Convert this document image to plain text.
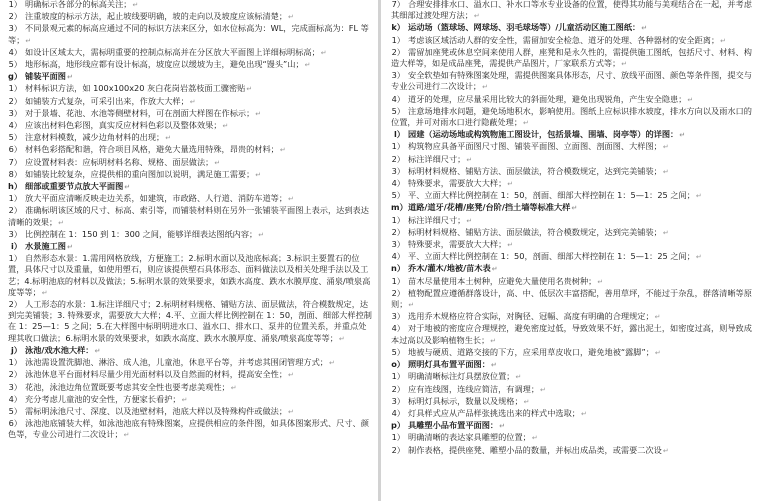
1） 明确标示各部分的标高关注；↵
2） 注重坡度的标示方法，起止坡线要明确，坡的走向以及坡度应该标清楚；↵
3） 不同景观元素的标高应通过不同的标识方法来区分，如水位标高为：WL，完成面标高为：FL 等等；↵
4） 如设计区域太大，需标明重要的控制点标高并在分区放大平面图上详细标明标高；↵
5） 地形标高，地形线应都有设计标高，坡度应以缓坡为主，避免出现“馒头”山；↵
g） 铺装平面图↵
1） 材料标识方法，如 100x100x20 灰白花岗岩荔枝面工骤密贴↵
2） 如铺装方式复杂，可采引出来，作放大大样；↵
3） 对于景墙、花池、水池等侧壁材料，可在剖面大样图在作标示；↵
4） 应该出材料色彩图，真实反应材料色彩以及整体效果；↵
5） 注意材料模数，减少边角材料的出现；↵
6） 材料色彩搭配和谐，符合项目风格，避免大量选用特殊，昂贵的材料；↵
7） 应设置材料表：应标明材料名称、规格、面层做法；↵
8） 如铺装比较复杂，应提供相的重向图加以说明，满足施工需要；↵
h） 细部或重要节点放大平面图↵
1） 放大平面应清晰反映走边关系，如建筑，市政路、人行道、消防车道等；↵
2） 准确标明该区域的尺寸、标高、索引等，而铺装材料则在另外一张铺装平面图上表示，达到表达清晰的效果；↵
3） 比例控制在 1：150 到 1：300 之间，能够详细表达图纸内容；↵
i） 水景施工图↵
1） 自然形态水景：1.需用网格放线，方便施工；2.标明水面以及池底标高；3.标识主要置石的位置，具体尺寸以及重量，如使用塑石，则应该提供塑石具体形态、面料做法以及相关处理手法以及工艺；4.标明池底的材料以及做法；5.标明水景的效果要求，如跌水高度、跌水水膜厚度、涌泉/喷泉高度等等；↵
2） 人工形态的水景：1.标注详细尺寸；2.标明材料规格、铺贴方法、面层做法，符合模数规定，达到完美铺装；3. 特殊要求，需要放大大样；4.平、立面大样比例控制在 1：50，剖面、细部大样控制在 1：25—1：5 之间；5.在大样图中标明明进水口、溢水口、排水口、泵井的位置关系，并重点处理其收口做法；6.标明水景的效果要求，如跌水高度、跌水水膜厚度、涌泉/喷泉高度等等；↵
j） 泳池/戏水池大样：↵
1） 泳池需设置洗脚池、淋浴、成人池，儿童池，休息平台等，并考虑其围闭管理方式；↵
2） 泳池休息平台面材料尽量少用光面材料以及自然面的材料，提高安全性；↵
3） 花池，泳池边角位置既要考虑其安全性也要考虑美观性；↵
4） 充分考虑儿童池的安全性，方便家长看护；↵
5） 需标明泳池尺寸、深度、以及池壁材料，池底大样以及特殊构件或做法；↵
6） 泳池池底铺装大样，如泳池池底有特殊图案，应提供相应的条件图，如具体图案形式、尺寸、颜色等，专业公司进行二次设计；↵
7） 合理安排排水口、溢水口、补水口等水专业设备的位置，使得其功能与美观结合在一起，并考虑其细部过渡处理方法；↵
k） 运动场（篮球场、网球场、羽毛球场等）/儿童活动区施工图纸：↵
1） 考虑该区域活动人群的安全性，需留加安全检急、道牙的处理、各种器材的安全距离；↵
2） 需留加座凳或休息空间来使用人群，座凳和是永久性的，需提供施工图纸，包括尺寸、材料、构造大样等，如是成品座凳，需提供产品图片，厂家联系方式等；↵
3） 安全软垫如有特殊图案处理，需提供图案具体形态，尺寸、放线平面图、颜色等条件图，提交与专业公司进行二次设计；↵
4） 道牙的处理，应尽量采用比较大的斜面处理，避免出现锐角，产生安全隐患；↵
5） 注意场地排水问题，避免场地积水，影响使用。图纸上应标识排水坡度，排水方向以及雨水口的位置，并可对雨水口进行隐蔽处理；↵
l） 园建（运动场地或构筑物施工图设计，包括景墙、围墙、岗亭等）的详图：↵
1） 构筑物应具备平面图尺寸图、铺装平面图、立面图、剖面图、大样图；↵
2） 标注详细尺寸；↵
3） 标明材料规格、铺贴方法、面层做法，符合模数规定，达到完美铺装；↵
4） 特殊要求，需要放大大样；↵
5） 平、立面大样比例控制在 1：50，剖面、细部大样控制在 1：5—1：25 之间；↵
m）道路/道牙/花槽/座凳/台阶/挡土墙等标准大样↵
1） 标注详细尺寸；↵
2） 标明材料规格、铺贴方法、面层做法，符合模数规定，达到完美铺装；↵
3） 特殊要求，需要放大大样；↵
4） 平、立面大样比例控制在 1：50，剖面、细部大样控制在 1：5—1：25 之间；↵
n） 乔木/灌木/地被/苗木表↵
1） 苗木尽量使用本土树种，应避免大量使用名贵树种；↵
2） 植物配置应遵循群落设计，高、中、低层次丰富搭配，善用草坪，不能过于杂乱，群落清晰等原则；↵
3） 选用乔木规格应符合实际，对胸径、冠幅、高度有明确的合理规定；↵
4） 对于地被的密度应合理规控，避免密度过低，导致效果不好，露出泥土，如密度过高，则导致成本过高以及影响植物生长；↵
5） 地被与硬质、道路交接的下方，应采用草皮收口，避免地被“露脚”；↵
o） 照明灯具布置平面图：↵
1） 明确清晰标注灯具摆放位置；↵
2） 应有连线图，连线应简洁，有调理；↵
3） 标明灯具标示，数量以及规格；↵
4） 灯具样式应从产品样张挑选出来的样式中选取；↵
p） 具雕塑小品布置平面图：↵
1） 明确清晰的表达家具雕塑的位置；↵
2） 制作表格，提供座凳、雕塑小品的数量，并标出成品类，或需要二次设↵
